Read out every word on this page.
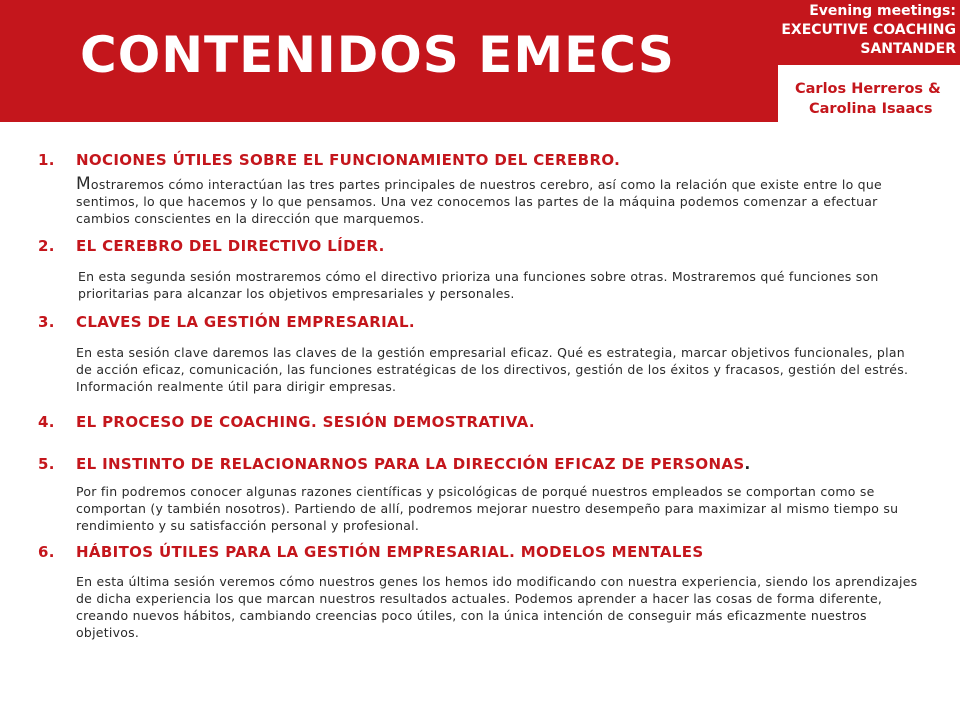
CONTENIDOS EMECS
Evening meetings:
EXECUTIVE COACHING
SANTANDER
Carlos Herreros &
Carolina Isaacs
1.	NOCIONES ÚTILES SOBRE EL FUNCIONAMIENTO DEL CEREBRO.
Mostraremos cómo interactúan las tres partes principales de nuestros cerebro, así como la relación que existe entre lo que sentimos, lo que hacemos y lo que pensamos. Una vez conocemos las partes de la máquina podemos comenzar a efectuar cambios conscientes en la dirección que marquemos.
2.	EL CEREBRO DEL DIRECTIVO LÍDER.
En esta segunda sesión mostraremos cómo el directivo prioriza una funciones sobre otras. Mostraremos qué funciones son prioritarias para alcanzar los objetivos empresariales y personales.
3.	CLAVES DE LA GESTIÓN EMPRESARIAL.
En esta sesión clave daremos las claves de la gestión empresarial eficaz. Qué es estrategia, marcar objetivos funcionales, plan de acción eficaz, comunicación, las funciones estratégicas de los directivos, gestión de los éxitos y fracasos, gestión del estrés. Información realmente útil para dirigir empresas.
4.	EL PROCESO DE COACHING. SESIÓN DEMOSTRATIVA.
5.	EL INSTINTO DE RELACIONARNOS PARA LA DIRECCIÓN EFICAZ DE PERSONAS.
Por fin podremos conocer algunas razones científicas y psicológicas de porqué nuestros empleados se comportan como se comportan (y también nosotros). Partiendo de allí, podremos mejorar nuestro desempeño para maximizar al mismo tiempo su rendimiento y su satisfacción personal y profesional.
6.	HÁBITOS ÚTILES PARA LA GESTIÓN EMPRESARIAL. MODELOS MENTALES
En esta última sesión veremos cómo nuestros genes los hemos ido modificando con nuestra experiencia, siendo los aprendizajes de dicha experiencia los que marcan nuestros resultados actuales. Podemos aprender a hacer las cosas de forma diferente, creando nuevos hábitos, cambiando creencias poco útiles, con la única intención de conseguir más eficazmente nuestros objetivos.
